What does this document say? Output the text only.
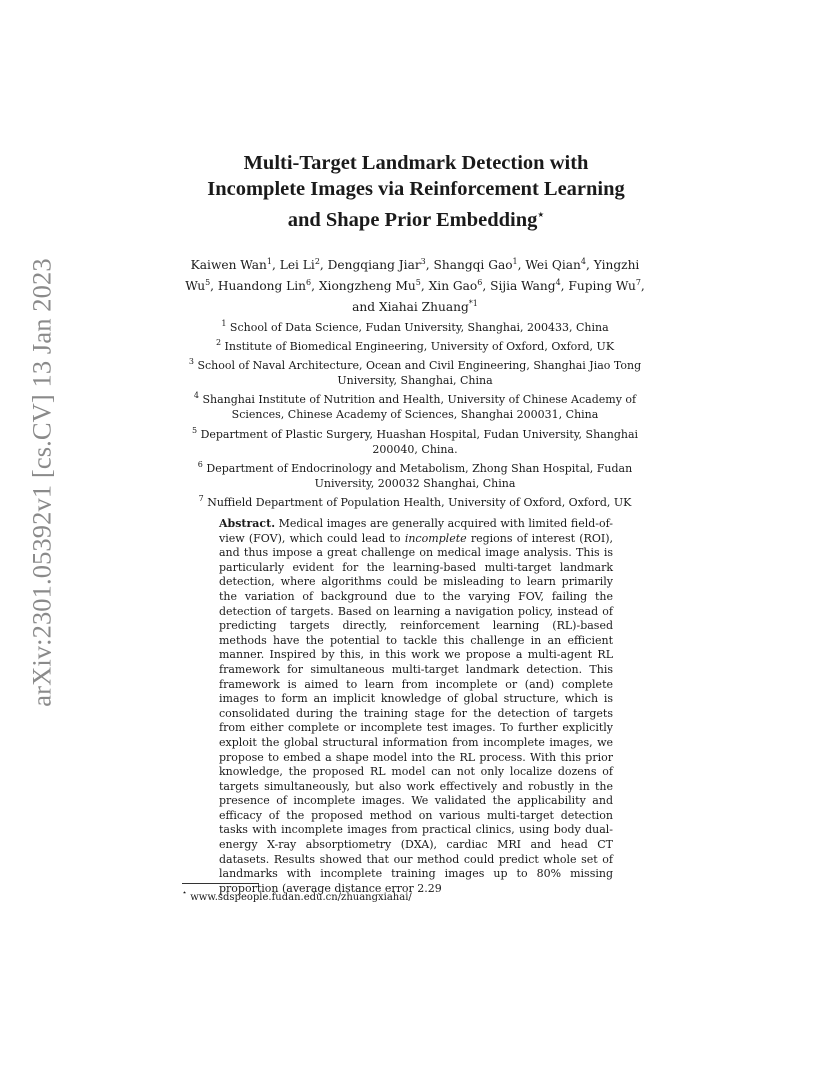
arXiv:2301.05392v1 [cs.CV] 13 Jan 2023
Multi-Target Landmark Detection with
Incomplete Images via Reinforcement Learning
and Shape Prior Embedding⋆

Kaiwen Wan$^1$, Lei Li$^2$, Dengqiang Jiar$^3$, Shangqi Gao$^1$, Wei Qian$^4$, Yingzhi Wu$^5$, Huandong Lin$^6$, Xiongzheng Mu$^5$, Xin Gao$^6$, Sijia Wang$^4$, Fuping Wu$^7$, and Xiahai Zhuang$^{*1}$

$^1$ School of Data Science, Fudan University, Shanghai, 200433, China
$^2$ Institute of Biomedical Engineering, University of Oxford, Oxford, UK
$^3$ School of Naval Architecture, Ocean and Civil Engineering, Shanghai Jiao Tong University, Shanghai, China
$^4$ Shanghai Institute of Nutrition and Health, University of Chinese Academy of Sciences, Chinese Academy of Sciences, Shanghai 200031, China
$^5$ Department of Plastic Surgery, Huashan Hospital, Fudan University, Shanghai 200040, China.
$^6$ Department of Endocrinology and Metabolism, Zhong Shan Hospital, Fudan University, 200032 Shanghai, China
$^7$ Nuffield Department of Population Health, University of Oxford, Oxford, UK

Abstract. Medical images are generally acquired with limited field-of-view (FOV), which could lead to incomplete regions of interest (ROI), and thus impose a great challenge on medical image analysis. This is particularly evident for the learning-based multi-target landmark detection, where algorithms could be misleading to learn primarily the variation of background due to the varying FOV, failing the detection of targets. Based on learning a navigation policy, instead of predicting targets directly, reinforcement learning (RL)-based methods have the potential to tackle this challenge in an efficient manner. Inspired by this, in this work we propose a multi-agent RL framework for simultaneous multi-target landmark detection. This framework is aimed to learn from incomplete or (and) complete images to form an implicit knowledge of global structure, which is consolidated during the training stage for the detection of targets from either complete or incomplete test images. To further explicitly exploit the global structural information from incomplete images, we propose to embed a shape model into the RL process. With this prior knowledge, the proposed RL model can not only localize dozens of targets simultaneously, but also work effectively and robustly in the presence of incomplete images. We validated the applicability and efficacy of the proposed method on various multi-target detection tasks with incomplete images from practical clinics, using body dual-energy X-ray absorptiometry (DXA), cardiac MRI and head CT datasets. Results showed that our method could predict whole set of landmarks with incomplete training images up to 80% missing proportion (average distance error 2.29

⋆ www.sdspeople.fudan.edu.cn/zhuangxiahai/
